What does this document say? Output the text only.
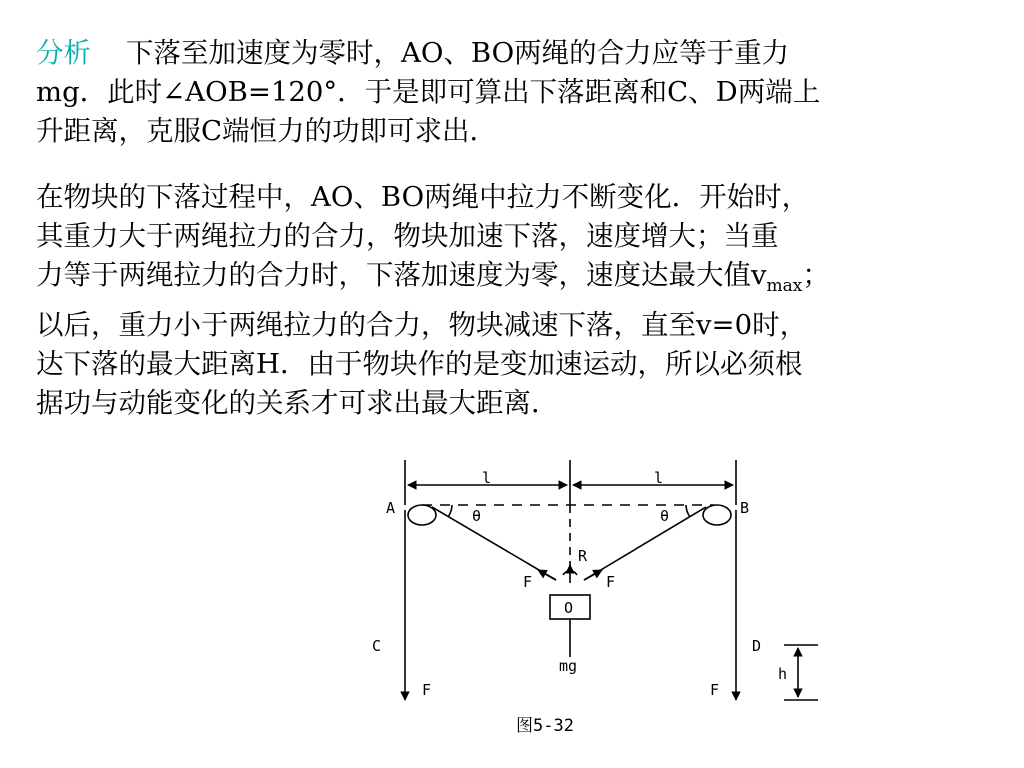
分析 下落至加速度为零时，AO、BO两绳的合力应等于重力
mg．此时∠AOB=120°．于是即可算出下落距离和C、D两端上
升距离，克服C端恒力的功即可求出．
在物块的下落过程中，AO、BO两绳中拉力不断变化．开始时，
其重力大于两绳拉力的合力，物块加速下落，速度增大；当重
力等于两绳拉力的合力时，下落加速度为零，速度达最大值$v_{max}$；
以后，重力小于两绳拉力的合力，物块减速下落，直至v=0时，
达下落的最大距离H．由于物块作的是变加速运动，所以必须根
据功与动能变化的关系才可求出最大距离．
l	l
A	B
θ	θ
R
F	F
O
mg
C	D
F	F
h
图5-32
